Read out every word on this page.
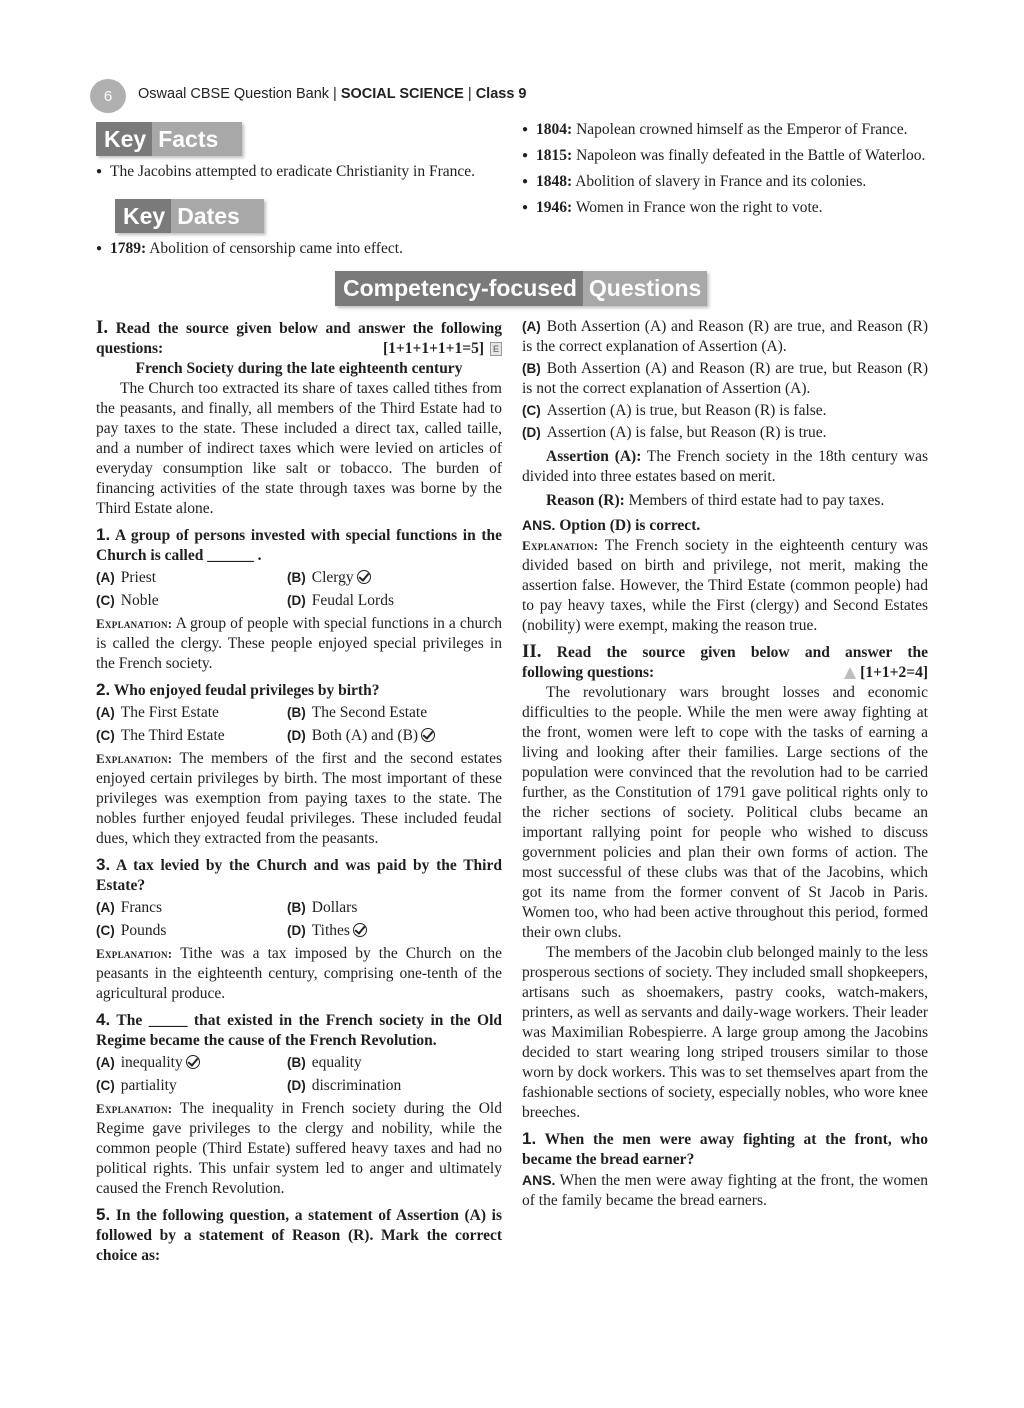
6	Oswaal CBSE Question Bank | SOCIAL SCIENCE | Class 9
Key Facts

● The Jacobins attempted to eradicate Christianity in France.

Key Dates

● 1789: Abolition of censorship came into effect.

● 1804: Napolean crowned himself as the Emperor of France.

● 1815: Napoleon was finally defeated in the Battle of Waterloo.

● 1848: Abolition of slavery in France and its colonies.

● 1946: Women in France won the right to vote.

Competency-focused Questions

I. Read the source given below and answer the following questions:	[1+1+1+1+1=5] E

French Society during the late eighteenth century

The Church too extracted its share of taxes called tithes from the peasants, and finally, all members of the Third Estate had to pay taxes to the state. These included a direct tax, called taille, and a number of indirect taxes which were levied on articles of everyday consumption like salt or tobacco. The burden of financing activities of the state through taxes was borne by the Third Estate alone.

1. A group of persons invested with special functions in the Church is called ______ .

(A) Priest	(B) Clergy
(C) Noble	(D) Feudal Lords

Explanation: A group of people with special functions in a church is called the clergy. These people enjoyed special privileges in the French society.

2. Who enjoyed feudal privileges by birth?

(A) The First Estate	(B) The Second Estate
(C) The Third Estate	(D) Both (A) and (B)

Explanation: The members of the first and the second estates enjoyed certain privileges by birth. The most important of these privileges was exemption from paying taxes to the state. The nobles further enjoyed feudal privileges. These included feudal dues, which they extracted from the peasants.

3. A tax levied by the Church and was paid by the Third Estate?

(A) Francs	(B) Dollars
(C) Pounds	(D) Tithes

Explanation: Tithe was a tax imposed by the Church on the peasants in the eighteenth century, comprising one-tenth of the agricultural produce.

4. The _____ that existed in the French society in the Old Regime became the cause of the French Revolution.

(A) inequality	(B) equality
(C) partiality	(D) discrimination

Explanation: The inequality in French society during the Old Regime gave privileges to the clergy and nobility, while the common people (Third Estate) suffered heavy taxes and had no political rights. This unfair system led to anger and ultimately caused the French Revolution.

5. In the following question, a statement of Assertion (A) is followed by a statement of Reason (R). Mark the correct choice as:

(A) Both Assertion (A) and Reason (R) are true, and Reason (R) is the correct explanation of Assertion (A).

(B) Both Assertion (A) and Reason (R) are true, but Reason (R) is not the correct explanation of Assertion (A).

(C) Assertion (A) is true, but Reason (R) is false.

(D) Assertion (A) is false, but Reason (R) is true.

Assertion (A): The French society in the 18th century was divided into three estates based on merit.

Reason (R): Members of third estate had to pay taxes.

ANS. Option (D) is correct.

Explanation: The French society in the eighteenth century was divided based on birth and privilege, not merit, making the assertion false. However, the Third Estate (common people) had to pay heavy taxes, while the First (clergy) and Second Estates (nobility) were exempt, making the reason true.

II. Read the source given below and answer the

following questions:	[1+1+2=4]

The revolutionary wars brought losses and economic difficulties to the people. While the men were away fighting at the front, women were left to cope with the tasks of earning a living and looking after their families. Large sections of the population were convinced that the revolution had to be carried further, as the Constitution of 1791 gave political rights only to the richer sections of society. Political clubs became an important rallying point for people who wished to discuss government policies and plan their own forms of action. The most successful of these clubs was that of the Jacobins, which got its name from the former convent of St Jacob in Paris. Women too, who had been active throughout this period, formed their own clubs.

The members of the Jacobin club belonged mainly to the less prosperous sections of society. They included small shopkeepers, artisans such as shoemakers, pastry cooks, watch-makers, printers, as well as servants and daily-wage workers. Their leader was Maximilian Robespierre. A large group among the Jacobins decided to start wearing long striped trousers similar to those worn by dock workers. This was to set themselves apart from the fashionable sections of society, especially nobles, who wore knee breeches.

1. When the men were away fighting at the front, who became the bread earner?

ANS. When the men were away fighting at the front, the women of the family became the bread earners.
